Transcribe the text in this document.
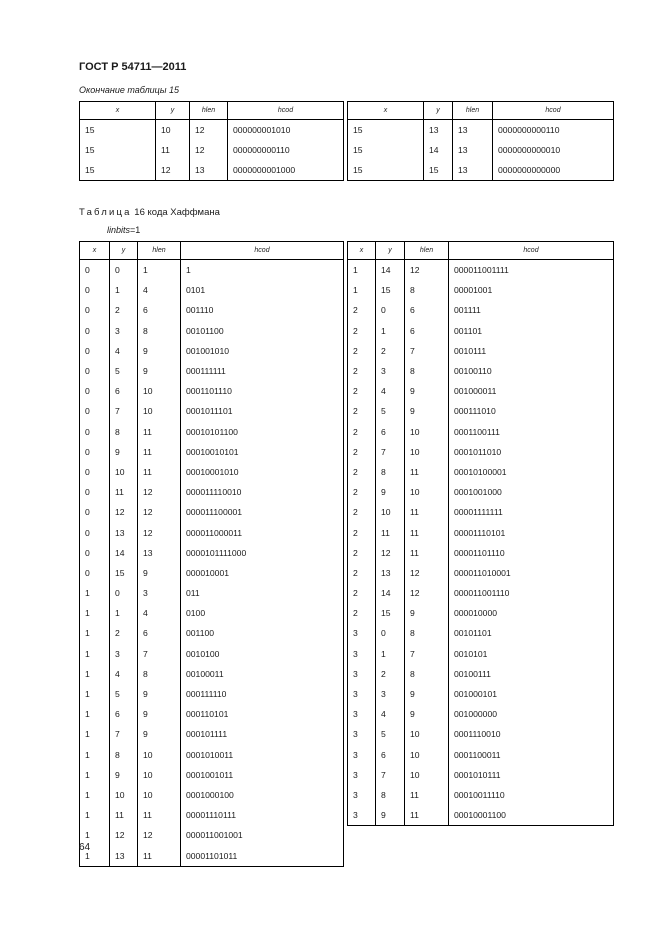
ГОСТ Р 54711—2011
Окончание таблицы 15
x	y	hlen	hcod
15	10	12	000000001010
15	11	12	000000000110
15	12	13	0000000001000
x	y	hlen	hcod
15	13	13	0000000000110
15	14	13	0000000000010
15	15	13	0000000000000
Таблица 16 кода Хаффмана
linbits=1
x	y	hlen	hcod
0	0	1	1
0	1	4	0101
0	2	6	001110
0	3	8	00101100
0	4	9	001001010
0	5	9	000111111
0	6	10	0001101110
0	7	10	0001011101
0	8	11	00010101100
0	9	11	00010010101
0	10	11	00010001010
0	11	12	000011110010
0	12	12	000011100001
0	13	12	000011000011
0	14	13	0000101111000
0	15	9	000010001
1	0	3	011
1	1	4	0100
1	2	6	001100
1	3	7	0010100
1	4	8	00100011
1	5	9	000111110
1	6	9	000110101
1	7	9	000101111
1	8	10	0001010011
1	9	10	0001001011
1	10	10	0001000100
1	11	11	00001110111
1	12	12	000011001001
1	13	11	00001101011
x	y	hlen	hcod
1	14	12	000011001111
1	15	8	00001001
2	0	6	001111
2	1	6	001101
2	2	7	0010111
2	3	8	00100110
2	4	9	001000011
2	5	9	000111010
2	6	10	0001100111
2	7	10	0001011010
2	8	11	00010100001
2	9	10	0001001000
2	10	11	00001111111
2	11	11	00001110101
2	12	11	00001101110
2	13	12	000011010001
2	14	12	000011001110
2	15	9	000010000
3	0	8	00101101
3	1	7	0010101
3	2	8	00100111
3	3	9	001000101
3	4	9	001000000
3	5	10	0001110010
3	6	10	0001100011
3	7	10	0001010111
3	8	11	00010011110
3	9	11	00010001100
64
